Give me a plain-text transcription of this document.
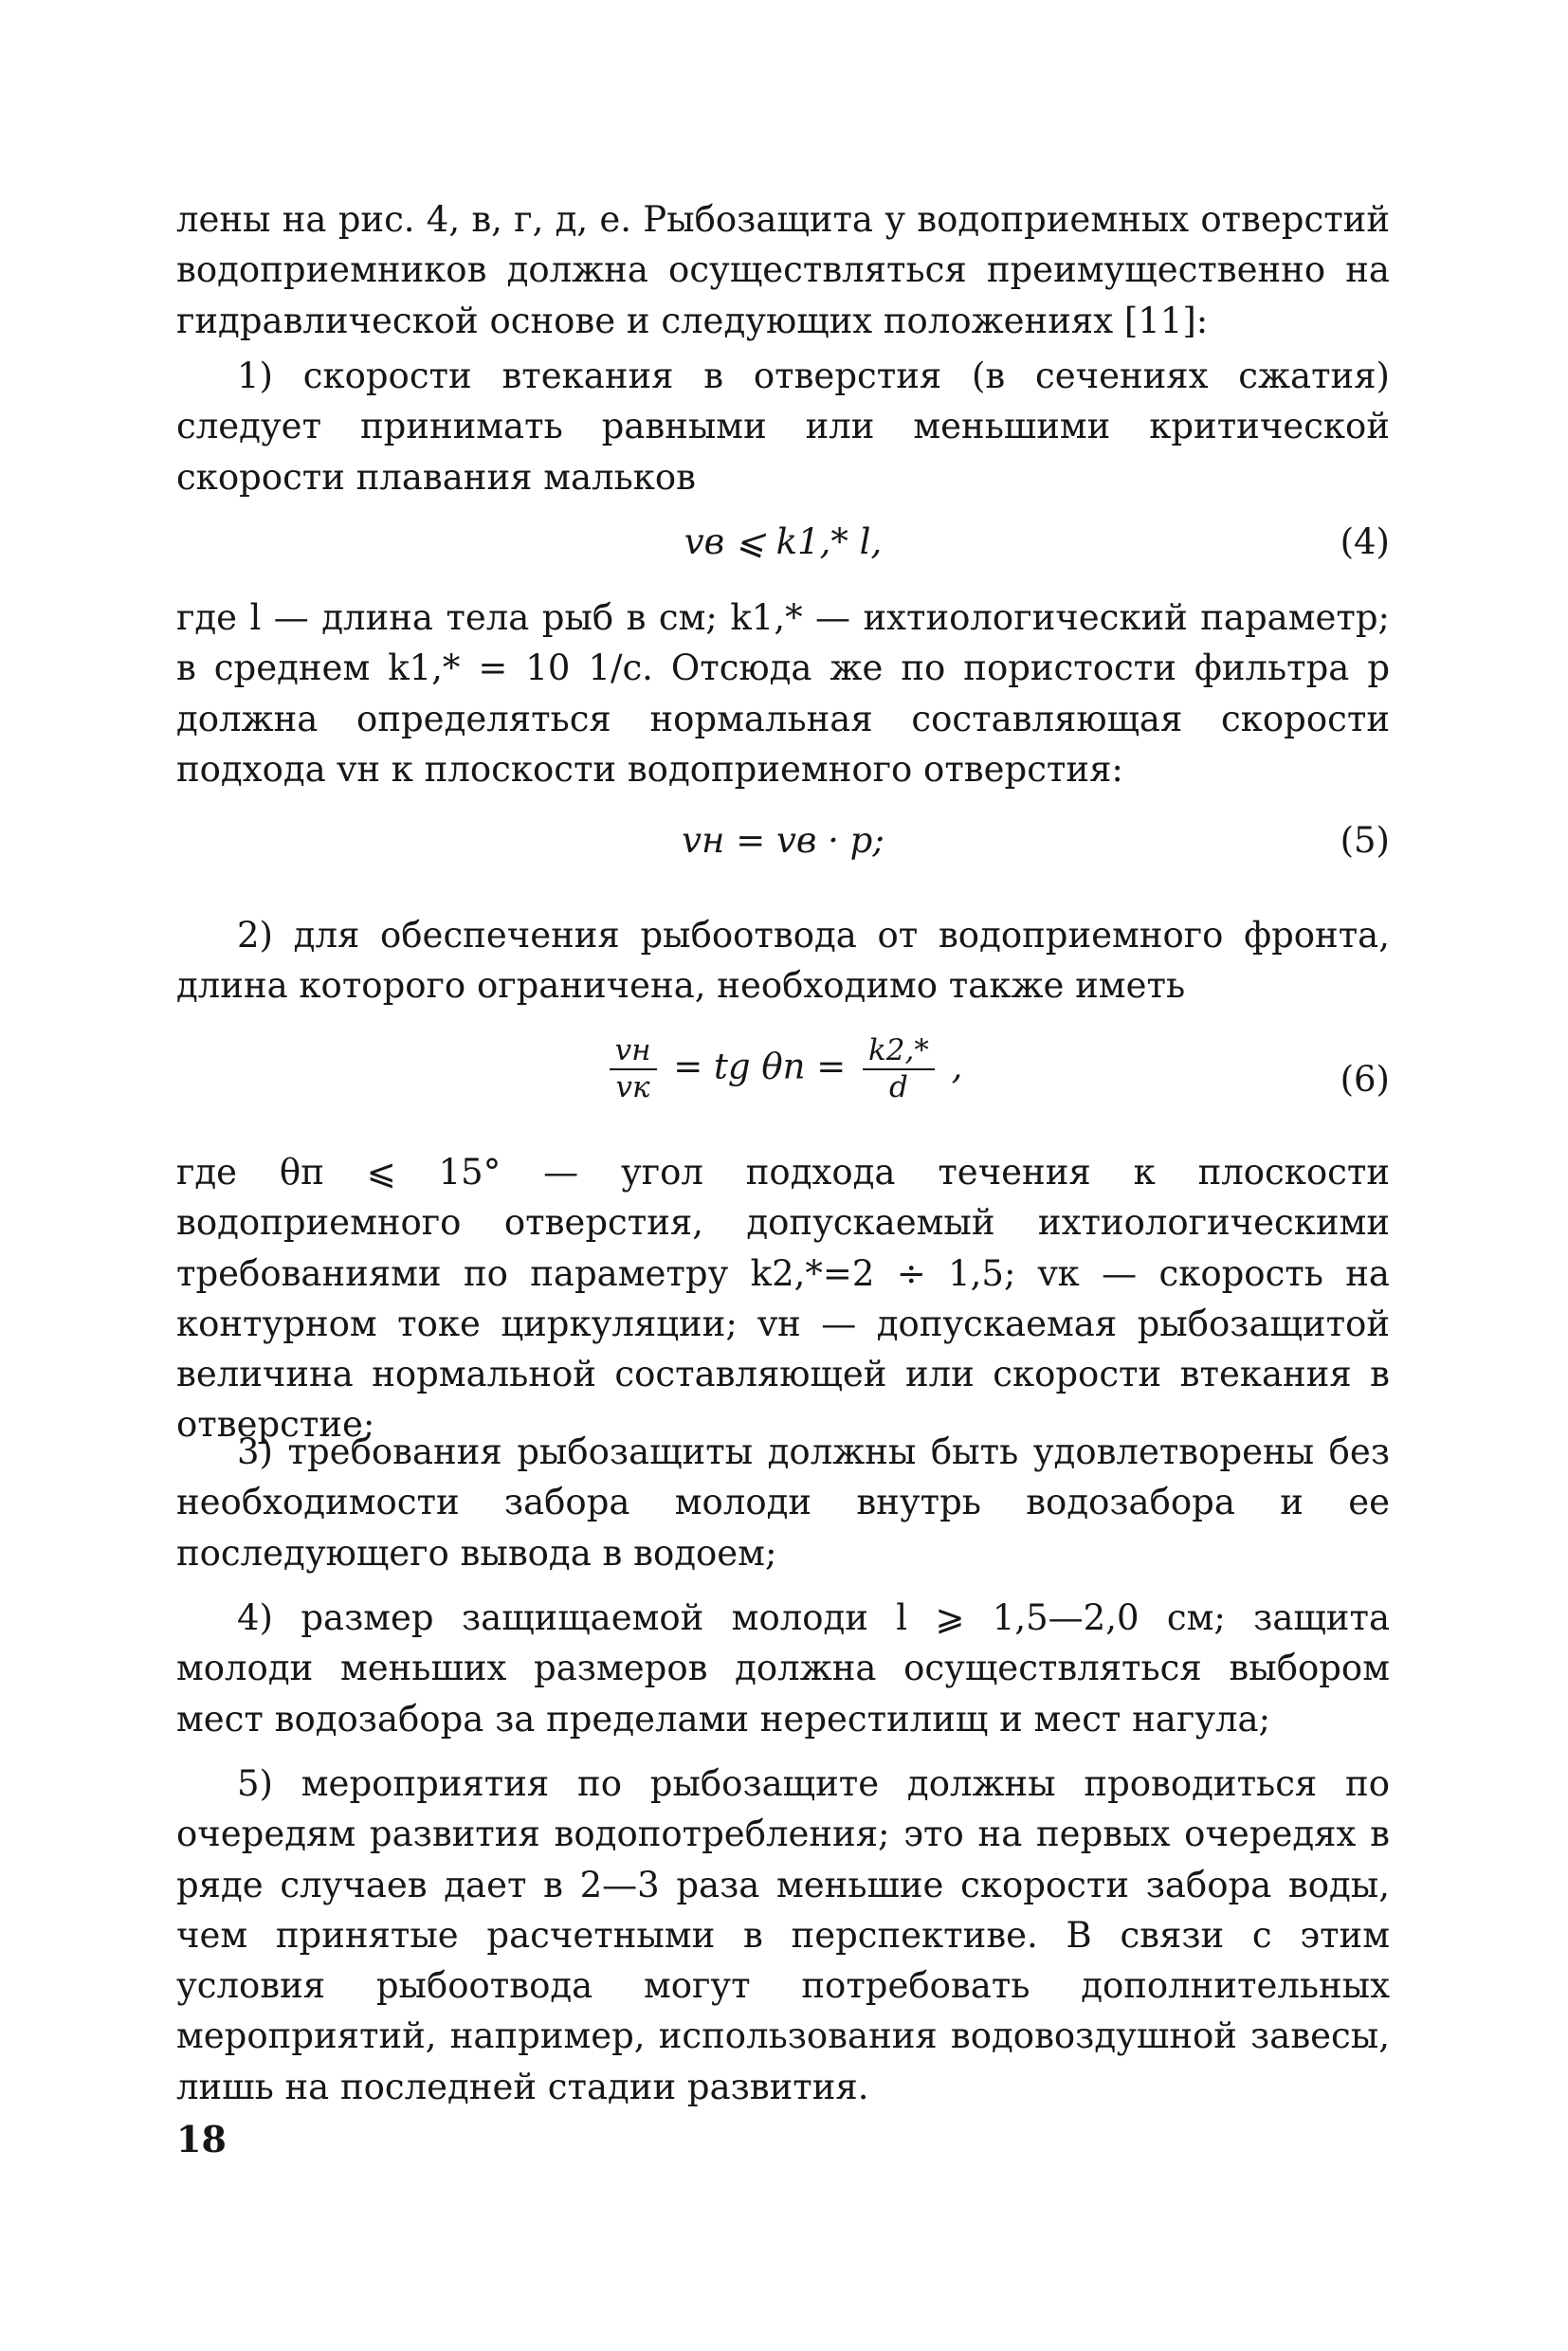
лены на рис. 4, в, г, д, е. Рыбозащита у водоприемных отверстий водоприемников должна осуществляться преимущественно на гидравлической основе и следующих положениях [11]:

1) скорости втекания в отверстия (в сечениях сжатия) следует принимать равными или меньшими критической скорости плавания мальков

vв ⩽ k1,* l,	(4)

где l — длина тела рыб в см; k1,* — ихтиологический параметр; в среднем k1,* = 10 1/с. Отсюда же по пористости фильтра p должна определяться нормальная составляющая скорости подхода vн к плоскости водоприемного отверстия:

vн = vв · p;	(5)

2) для обеспечения рыбоотвода от водоприемного фронта, длина которого ограничена, необходимо также иметь

$\frac{vн}{vк}$ = tg $\theta п = \frac{k2,*}{d}$ ,	(6)

где θп ⩽ 15° — угол подхода течения к плоскости водоприемного отверстия, допускаемый ихтиологическими требованиями по параметру k2,*=2 ÷ 1,5; vк — скорость на контурном токе циркуляции; vн — допускаемая рыбозащитой величина нормальной составляющей или скорости втекания в отверстие;

3) требования рыбозащиты должны быть удовлетворены без необходимости забора молоди внутрь водозабора и ее последующего вывода в водоем;

4) размер защищаемой молоди l ⩾ 1,5—2,0 см; защита молоди меньших размеров должна осуществляться выбором мест водозабора за пределами нерестилищ и мест нагула;

5) мероприятия по рыбозащите должны проводиться по очередям развития водопотребления; это на первых очередях в ряде случаев дает в 2—3 раза меньшие скорости забора воды, чем принятые расчетными в перспективе. В связи с этим условия рыбоотвода могут потребовать дополнительных мероприятий, например, использования водовоздушной завесы, лишь на последней стадии развития.

18
